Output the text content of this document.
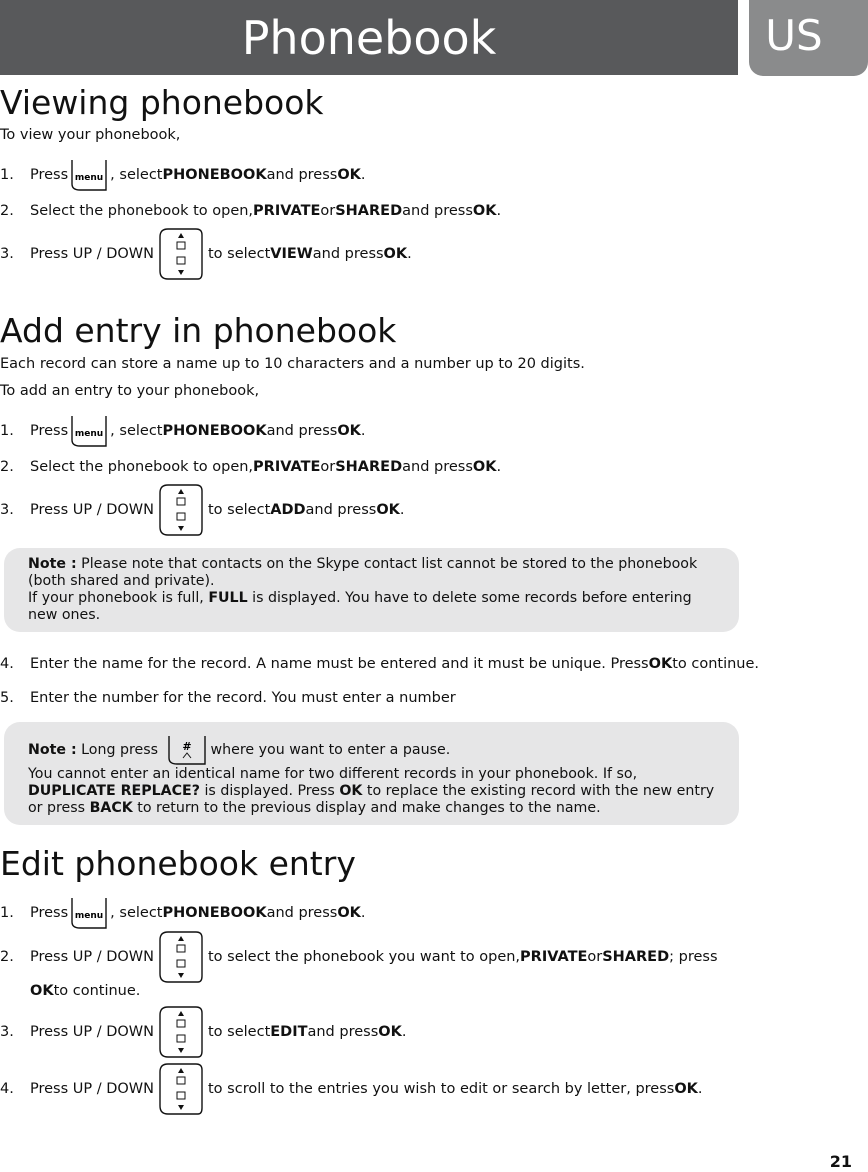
Phonebook	US
Viewing phonebook
To view your phonebook,
1.	Press menu , select PHONEBOOK and press OK .
2.	Select the phonebook to open, PRIVATE or SHARED and press OK .
3.	Press UP / DOWN	to select VIEW and press OK .
Add entry in phonebook
Each record can store a name up to 10 characters and a number up to 20 digits.
To add an entry to your phonebook,
1.	Press menu , select PHONEBOOK and press OK .
2.	Select the phonebook to open, PRIVATE or SHARED and press OK .
3.	Press UP / DOWN	to select ADD and press OK .
Note : Please note that contacts on the Skype contact list cannot be stored to the phonebook (both shared and private).
If your phonebook is full, FULL is displayed. You have to delete some records before entering new ones.
4.	Enter the name for the record. A name must be entered and it must be unique. Press OK to continue.
5.	Enter the number for the record. You must enter a number
Note : Long press # where you want to enter a pause.
You cannot enter an identical name for two different records in your phonebook. If so, DUPLICATE REPLACE? is displayed. Press OK to replace the existing record with the new entry or press BACK to return to the previous display and make changes to the name.
Edit phonebook entry
1.	Press menu , select PHONEBOOK and press OK .
2.	Press UP / DOWN	to select the phonebook you want to open, PRIVATE or SHARED ; press
OK to continue.
3.	Press UP / DOWN	to select EDIT and press OK .
4.	Press UP / DOWN	to scroll to the entries you wish to edit or search by letter, press OK .
21
